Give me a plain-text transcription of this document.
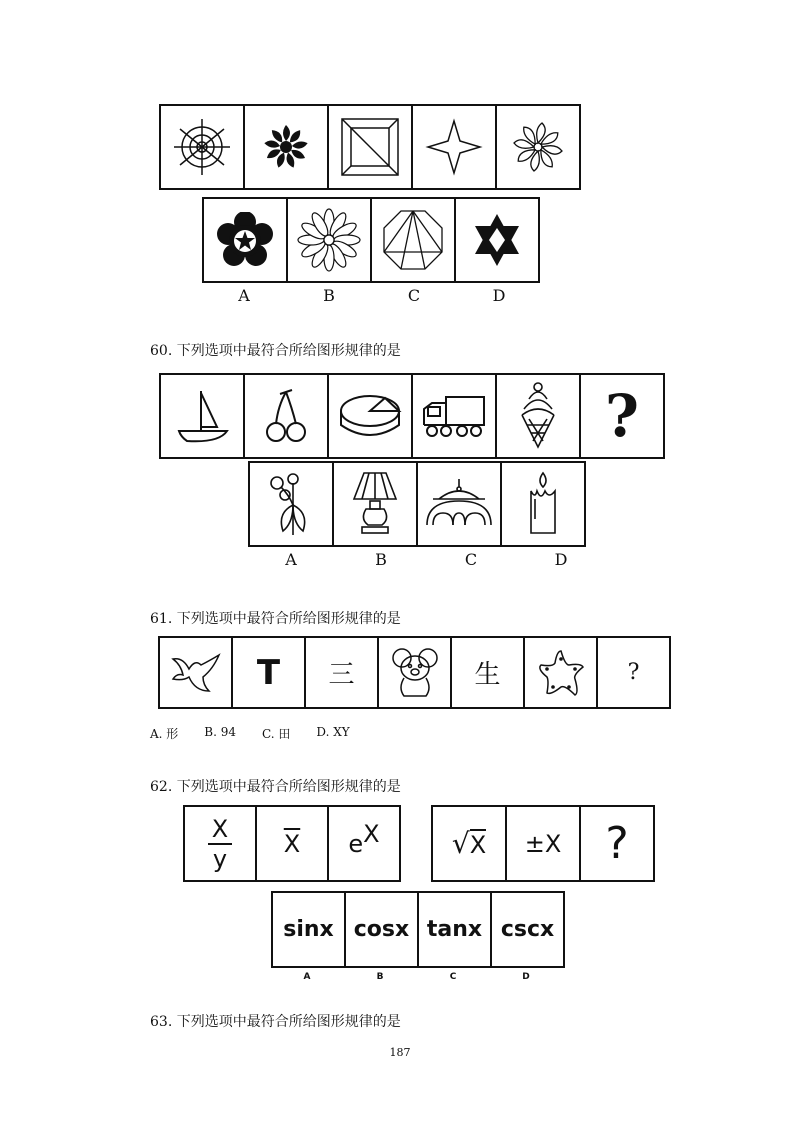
A	B	C	D
60. 下列选项中最符合所给图形规律的是
?
A	B	C	D
61. 下列选项中最符合所给图形规律的是
T 三	生	?
A. 形 B. 94 C. 田 D. XY
62. 下列选项中最符合所给图形规律的是
X
y
$\overline{X}$ e X	√ X ±X ?
sinx cosx tanx cscx
A	B	C	D
63. 下列选项中最符合所给图形规律的是
187
